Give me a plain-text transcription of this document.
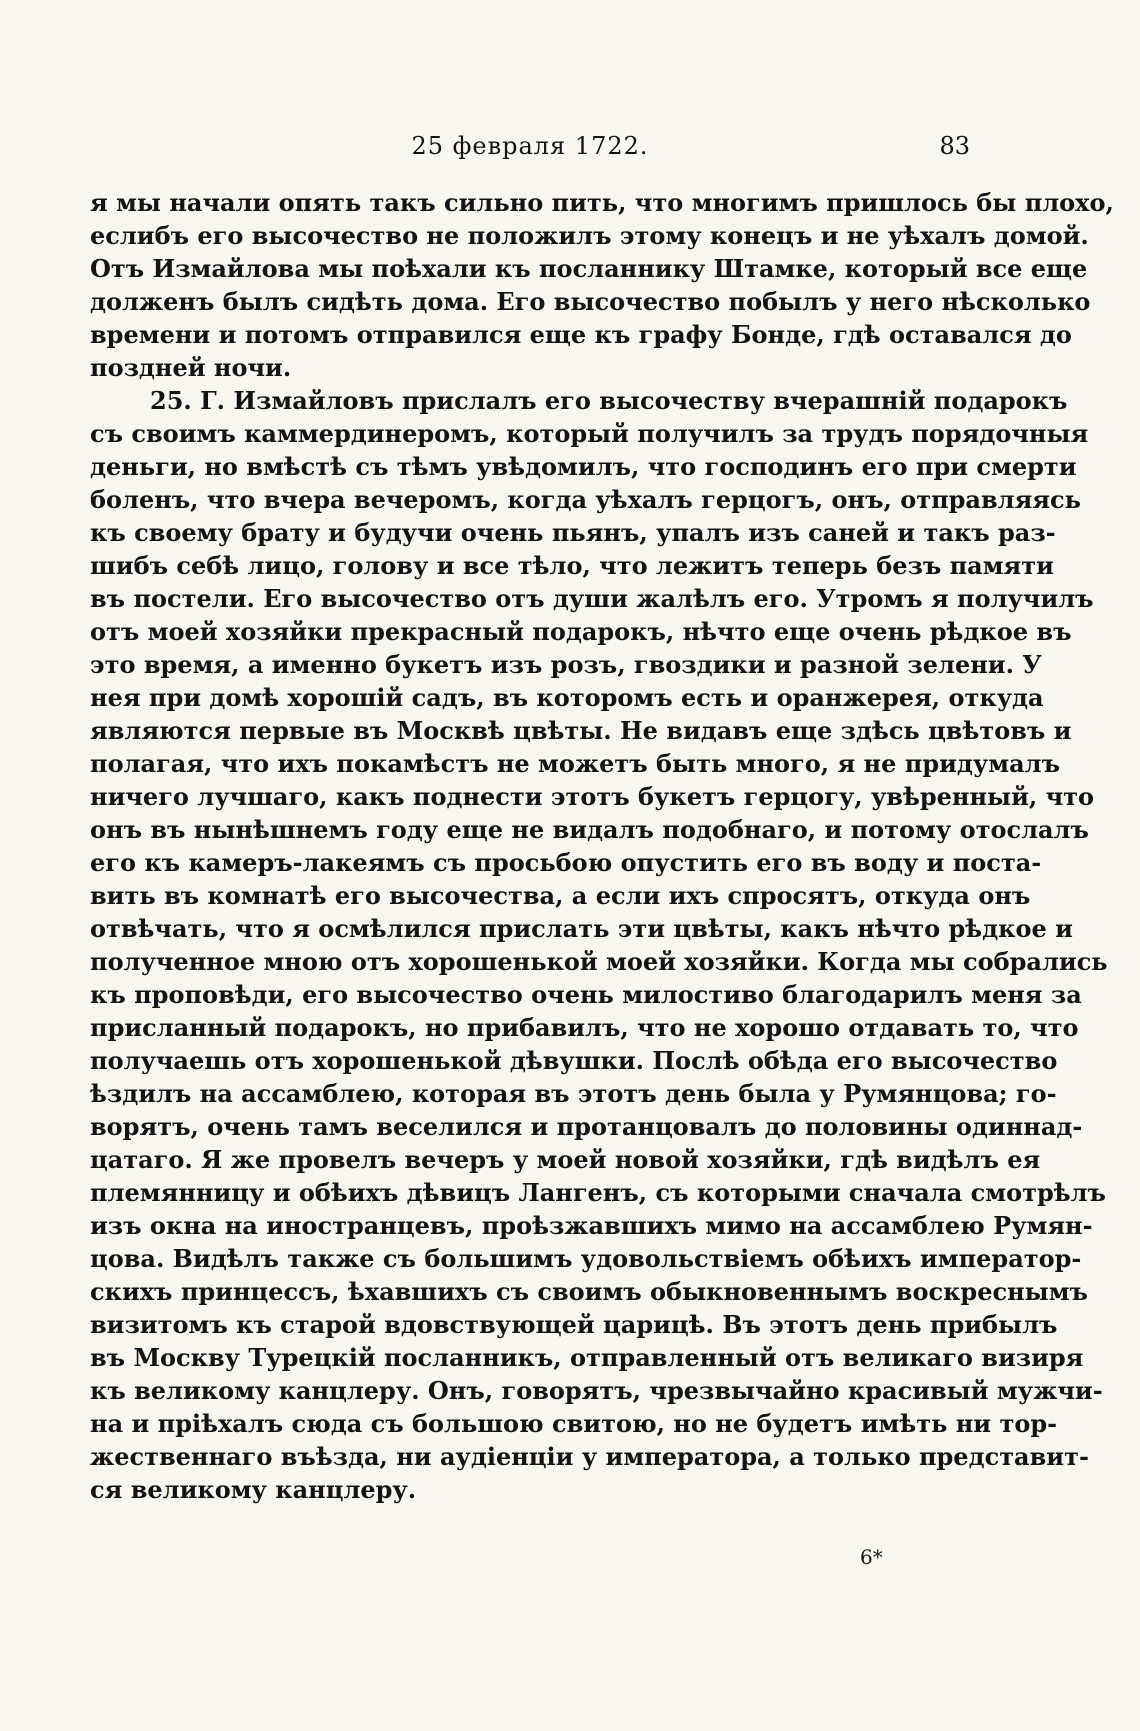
25 февраля 1722.	83
я мы начали опять такъ сильно пить, что многимъ пришлось бы плохо,
еслибъ его высочество не положилъ этому конецъ и не уѣхалъ домой.
Отъ Измайлова мы поѣхали къ посланнику Штамке, который все еще
долженъ былъ сидѣть дома. Его высочество побылъ у него нѣсколько
времени и потомъ отправился еще къ графу Бонде, гдѣ оставался до
поздней ночи.
25. Г. Измайловъ прислалъ его высочеству вчерашній подарокъ
съ своимъ каммердинеромъ, который получилъ за трудъ порядочныя
деньги, но вмѣстѣ съ тѣмъ увѣдомилъ, что господинъ его при смерти
боленъ, что вчера вечеромъ, когда уѣхалъ герцогъ, онъ, отправляясь
къ своему брату и будучи очень пьянъ, упалъ изъ саней и такъ раз-
шибъ себѣ лицо, голову и все тѣло, что лежитъ теперь безъ памяти
въ постели. Его высочество отъ души жалѣлъ его. Утромъ я получилъ
отъ моей хозяйки прекрасный подарокъ, нѣчто еще очень рѣдкое въ
это время, а именно букетъ изъ розъ, гвоздики и разной зелени. У
нея при домѣ хорошій садъ, въ которомъ есть и оранжерея, откуда
являются первые въ Москвѣ цвѣты. Не видавъ еще здѣсь цвѣтовъ и
полагая, что ихъ покамѣстъ не можетъ быть много, я не придумалъ
ничего лучшаго, какъ поднести этотъ букетъ герцогу, увѣренный, что
онъ въ нынѣшнемъ году еще не видалъ подобнаго, и потому отослалъ
его къ камеръ-лакеямъ съ просьбою опустить его въ воду и поста-
вить въ комнатѣ его высочества, а если ихъ спросятъ, откуда онъ
отвѣчать, что я осмѣлился прислать эти цвѣты, какъ нѣчто рѣдкое и
полученное мною отъ хорошенькой моей хозяйки. Когда мы собрались
къ проповѣди, его высочество очень милостиво благодарилъ меня за
присланный подарокъ, но прибавилъ, что не хорошо отдавать то, что
получаешь отъ хорошенькой дѣвушки. Послѣ обѣда его высочество
ѣздилъ на ассамблею, которая въ этотъ день была у Румянцова; го-
ворятъ, очень тамъ веселился и протанцовалъ до половины одиннад-
цатаго. Я же провелъ вечеръ у моей новой хозяйки, гдѣ видѣлъ ея
племянницу и обѣихъ дѣвицъ Лангенъ, съ которыми сначала смотрѣлъ
изъ окна на иностранцевъ, проѣзжавшихъ мимо на ассамблею Румян-
цова. Видѣлъ также съ большимъ удовольствіемъ обѣихъ император-
скихъ принцессъ, ѣхавшихъ съ своимъ обыкновеннымъ воскреснымъ
визитомъ къ старой вдовствующей царицѣ. Въ этотъ день прибылъ
въ Москву Турецкій посланникъ, отправленный отъ великаго визиря
къ великому канцлеру. Онъ, говорятъ, чрезвычайно красивый мужчи-
на и пріѣхалъ сюда съ большою свитою, но не будетъ имѣть ни тор-
жественнаго въѣзда, ни аудіенціи у императора, а только представит-
ся великому канцлеру.
6*
